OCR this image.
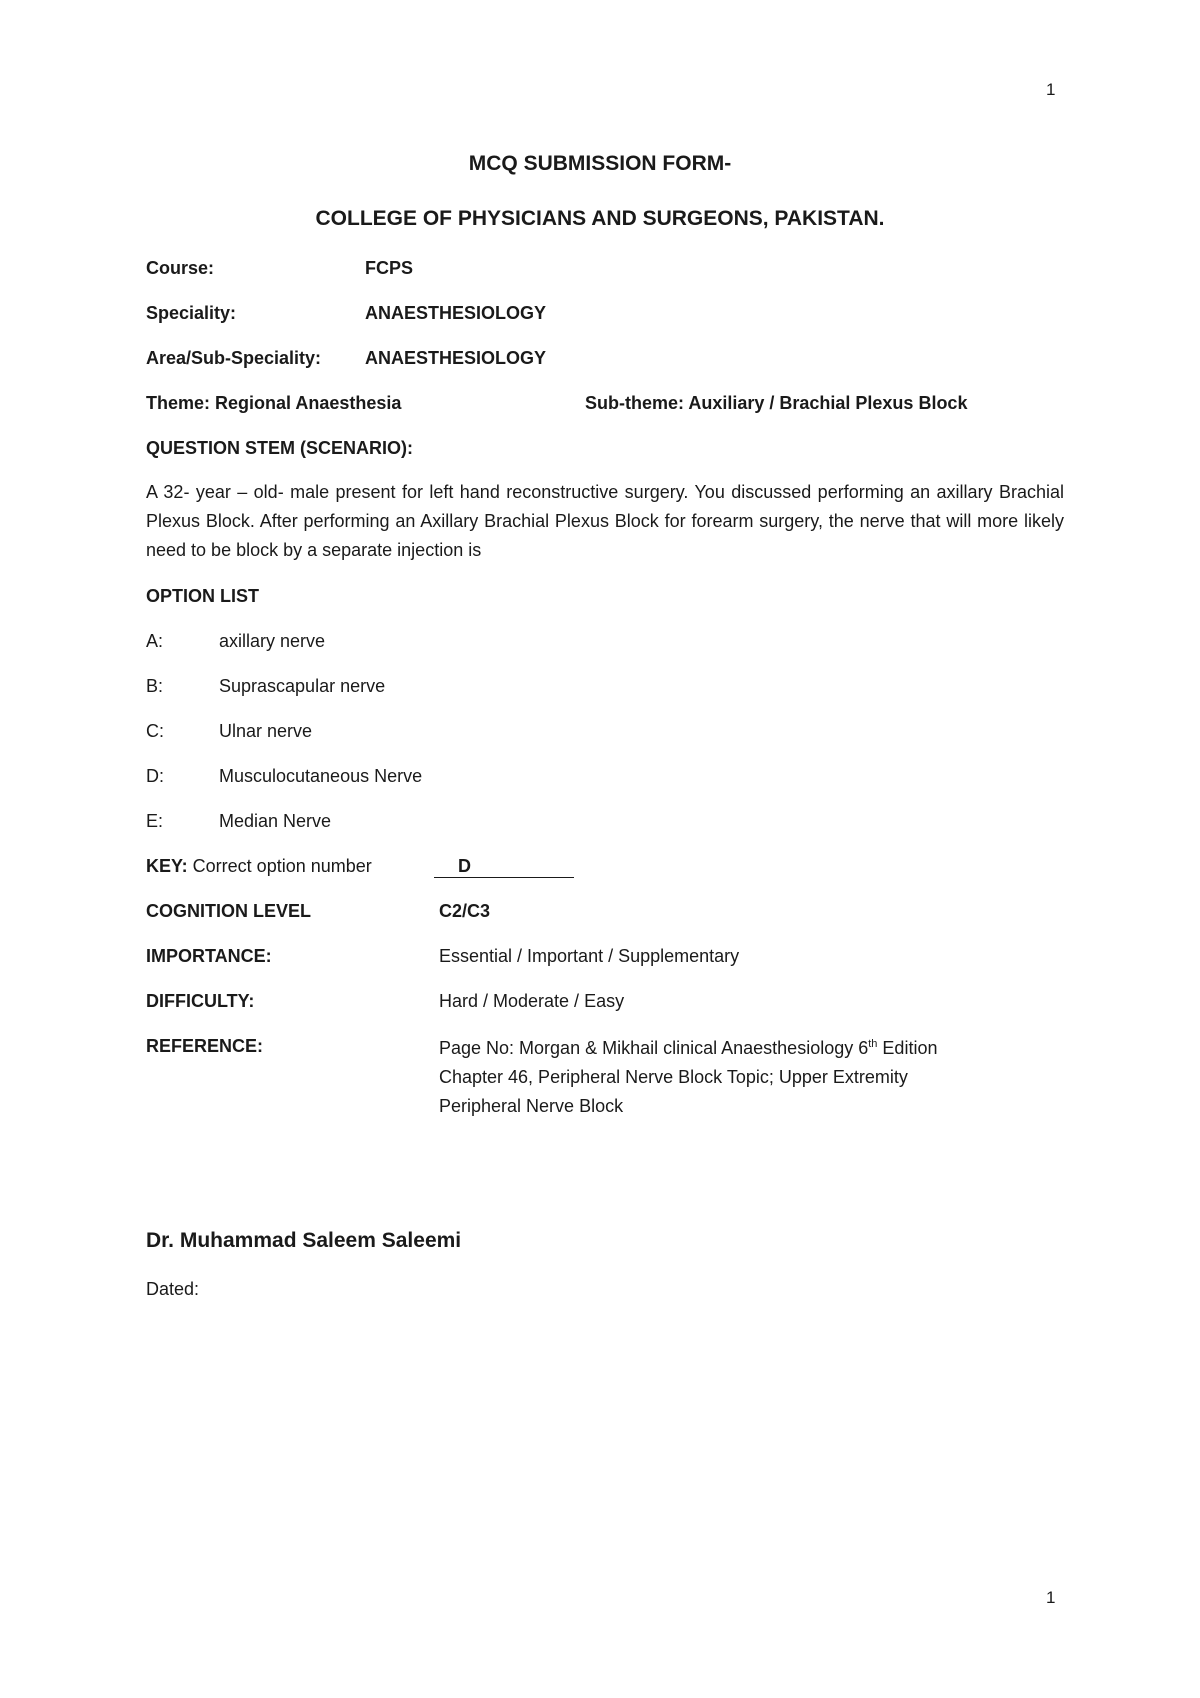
1
MCQ SUBMISSION FORM-
COLLEGE OF PHYSICIANS AND SURGEONS, PAKISTAN.
Course:	FCPS
Speciality:	ANAESTHESIOLOGY
Area/Sub-Speciality: ANAESTHESIOLOGY
Theme: Regional Anaesthesia	Sub-theme: Auxiliary / Brachial Plexus Block
QUESTION STEM (SCENARIO):
A 32- year – old- male present for left hand reconstructive surgery. You discussed performing an axillary Brachial Plexus Block. After performing an Axillary Brachial Plexus Block for forearm surgery, the nerve that will more likely need to be block by a separate injection is
OPTION LIST
A:	axillary nerve
B:	Suprascapular nerve
C:	Ulnar nerve
D:	Musculocutaneous Nerve
E:	Median Nerve
KEY: Correct option number	D
COGNITION LEVEL	C2/C3
IMPORTANCE:	Essential / Important / Supplementary
DIFFICULTY:	Hard / Moderate / Easy
REFERENCE:	Page No: Morgan & Mikhail clinical Anaesthesiology 6th Edition
Chapter 46, Peripheral Nerve Block Topic; Upper Extremity
Peripheral Nerve Block
Dr. Muhammad Saleem Saleemi
Dated:
1
